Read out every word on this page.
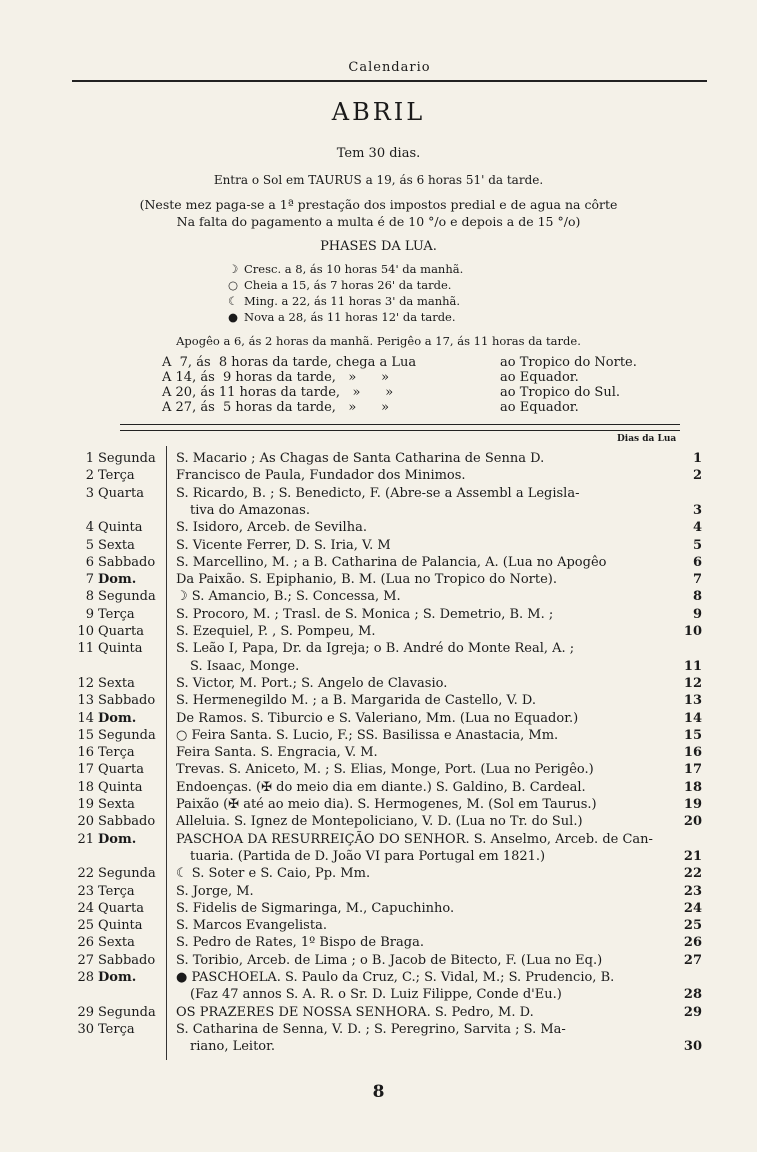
Calendario
ABRIL
Tem 30 dias.
Entra o Sol em TAURUS a 19, ás 6 horas 51' da tarde.
(Neste mez paga-se a 1ª prestação dos impostos predial e de agua na côrte
Na falta do pagamento a multa é de 10 °/o e depois a de 15 °/o)
PHASES DA LUA.
☽ Cresc. a 8, ás 10 horas 54' da manhã.
○ Cheia a 15, ás 7 horas 26' da tarde.
☾ Ming. a 22, ás 11 horas 3' da manhã.
● Nova a 28, ás 11 horas 12' da tarde.
Apogêo a 6, ás 2 horas da manhã. Perigêo a 17, ás 11 horas da tarde.
A  7, ás  8 horas da tarde, chega a Lua	ao Tropico do Norte.
A 14, ás  9 horas da tarde,   »      »	ao Equador.
A 20, ás 11 horas da tarde,   »      »	ao Tropico do Sul.
A 27, ás  5 horas da tarde,   »      »	ao Equador.
Dias da Lua
1 Segunda S. Macario ; As Chagas de Santa Catharina de Senna D.	1
2 Terça	Francisco de Paula, Fundador dos Minimos.	2
3 Quarta S. Ricardo, B. ; S. Benedicto, F. (Abre-se a Assembl a Legisla-
tiva do Amazonas.	3
4 Quinta	S. Isidoro, Arceb. de Sevilha.	4
5 Sexta	S. Vicente Ferrer, D. S. Iria, V. M	5
6 Sabbado S. Marcellino, M. ; a B. Catharina de Palancia, A. (Lua no Apogêo	6
7 Dom.	Da Paixão. S. Epiphanio, B. M. (Lua no Tropico do Norte).	7
8 Segunda ☽ S. Amancio, B.; S. Concessa, M.	8
9 Terça	S. Procoro, M. ; Trasl. de S. Monica ; S. Demetrio, B. M. ;	9
10 Quarta S. Ezequiel, P. , S. Pompeu, M.	10
11 Quinta	S. Leão I, Papa, Dr. da Igreja; o B. André do Monte Real, A. ;
S. Isaac, Monge.	11
12 Sexta	S. Victor, M. Port.; S. Angelo de Clavasio.	12
13 Sabbado S. Hermenegildo M. ; a B. Margarida de Castello, V. D.	13
14 Dom.	De Ramos. S. Tiburcio e S. Valeriano, Mm. (Lua no Equador.)	14
15 Segunda ○ Feira Santa. S. Lucio, F.; SS. Basilissa e Anastacia, Mm.	15
16 Terça	Feira Santa. S. Engracia, V. M.	16
17 Quarta Trevas. S. Aniceto, M. ; S. Elias, Monge, Port. (Lua no Perigêo.)	17
18 Quinta	Endoenças. (✠ do meio dia em diante.) S. Galdino, B. Cardeal.	18
19 Sexta	Paixão (✠ até ao meio dia). S. Hermogenes, M. (Sol em Taurus.)	19
20 Sabbado Alleluia. S. Ignez de Montepoliciano, V. D. (Lua no Tr. do Sul.)	20
21 Dom.	PASCHOA DA RESURREIÇÃO DO SENHOR. S. Anselmo, Arceb. de Can-
tuaria. (Partida de D. João VI para Portugal em 1821.)	21
22 Segunda ☾ S. Soter e S. Caio, Pp. Mm.	22
23 Terça	S. Jorge, M.	23
24 Quarta S. Fidelis de Sigmaringa, M., Capuchinho.	24
25 Quinta	S. Marcos Evangelista.	25
26 Sexta	S. Pedro de Rates, 1º Bispo de Braga.	26
27 Sabbado S. Toribio, Arceb. de Lima ; o B. Jacob de Bitecto, F. (Lua no Eq.)	27
28 Dom.	● PASCHOELA. S. Paulo da Cruz, C.; S. Vidal, M.; S. Prudencio, B.
(Faz 47 annos S. A. R. o Sr. D. Luiz Filippe, Conde d'Eu.)	28
29 Segunda OS PRAZERES DE NOSSA SENHORA. S. Pedro, M. D.	29
30 Terça	S. Catharina de Senna, V. D. ; S. Peregrino, Sarvita ; S. Ma-
riano, Leitor.	30
8
